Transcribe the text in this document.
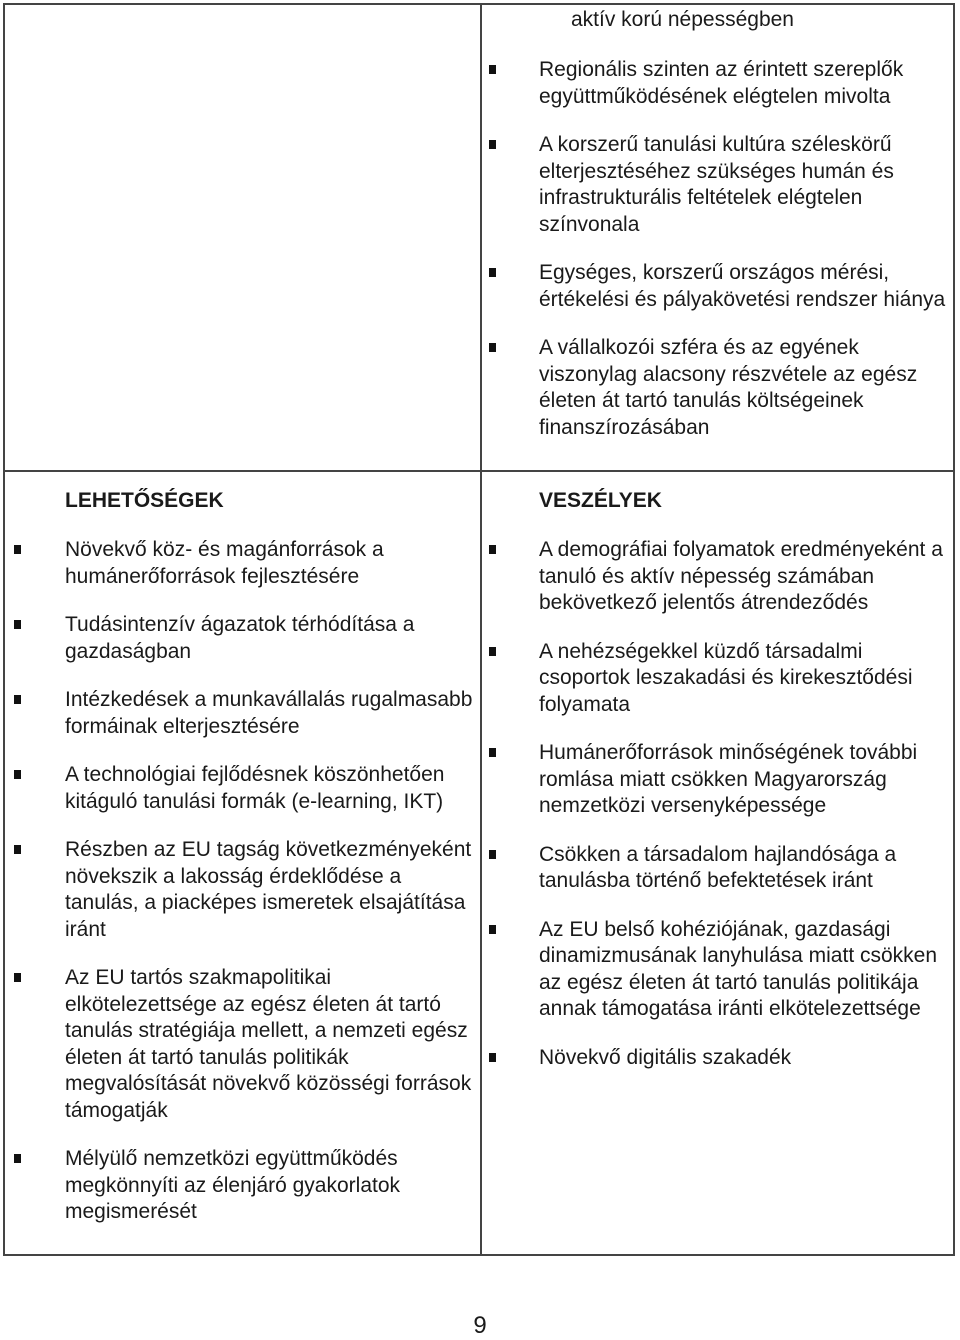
aktív korú népességben

Regionális szinten az érintett szereplők együttműködésének elégtelen mivolta
A korszerű tanulási kultúra széleskörű elterjesztéséhez szükséges humán és infrastrukturális feltételek elégtelen színvonala
Egységes, korszerű országos mérési, értékelési és pályakövetési rendszer hiánya
A vállalkozói szféra és az egyének viszonylag alacsony részvétele az egész életen át tartó tanulás költségeinek finanszírozásában
LEHETŐSÉGEK
Növekvő köz- és magánforrások a humánerőforrások fejlesztésére
Tudásintenzív ágazatok térhódítása a gazdaságban
Intézkedések a munkavállalás rugalmasabb formáinak elterjesztésére
A technológiai fejlődésnek köszönhetően kitáguló tanulási formák (e-learning, IKT)
Részben az EU tagság következményeként növekszik a lakosság érdeklődése a tanulás, a piacképes ismeretek elsajátítása iránt
Az EU tartós szakmapolitikai elkötelezettsége az egész életen át tartó tanulás stratégiája mellett, a nemzeti egész életen át tartó tanulás politikák megvalósítását növekvő közösségi források támogatják
Mélyülő nemzetközi együttműködés megkönnyíti az élenjáró gyakorlatok megismerését
VESZÉLYEK
A demográfiai folyamatok eredményeként a tanuló és aktív népesség számában bekövetkező jelentős átrendeződés
A nehézségekkel küzdő társadalmi csoportok leszakadási és kirekesztődési folyamata
Humánerőforrások minőségének további romlása miatt csökken Magyarország nemzetközi versenyképessége
Csökken a társadalom hajlandósága a tanulásba történő befektetések iránt
Az EU belső kohéziójának, gazdasági dinamizmusának lanyhulása miatt csökken az egész életen át tartó tanulás politikája annak támogatása iránti elkötelezettsége
Növekvő digitális szakadék
9
